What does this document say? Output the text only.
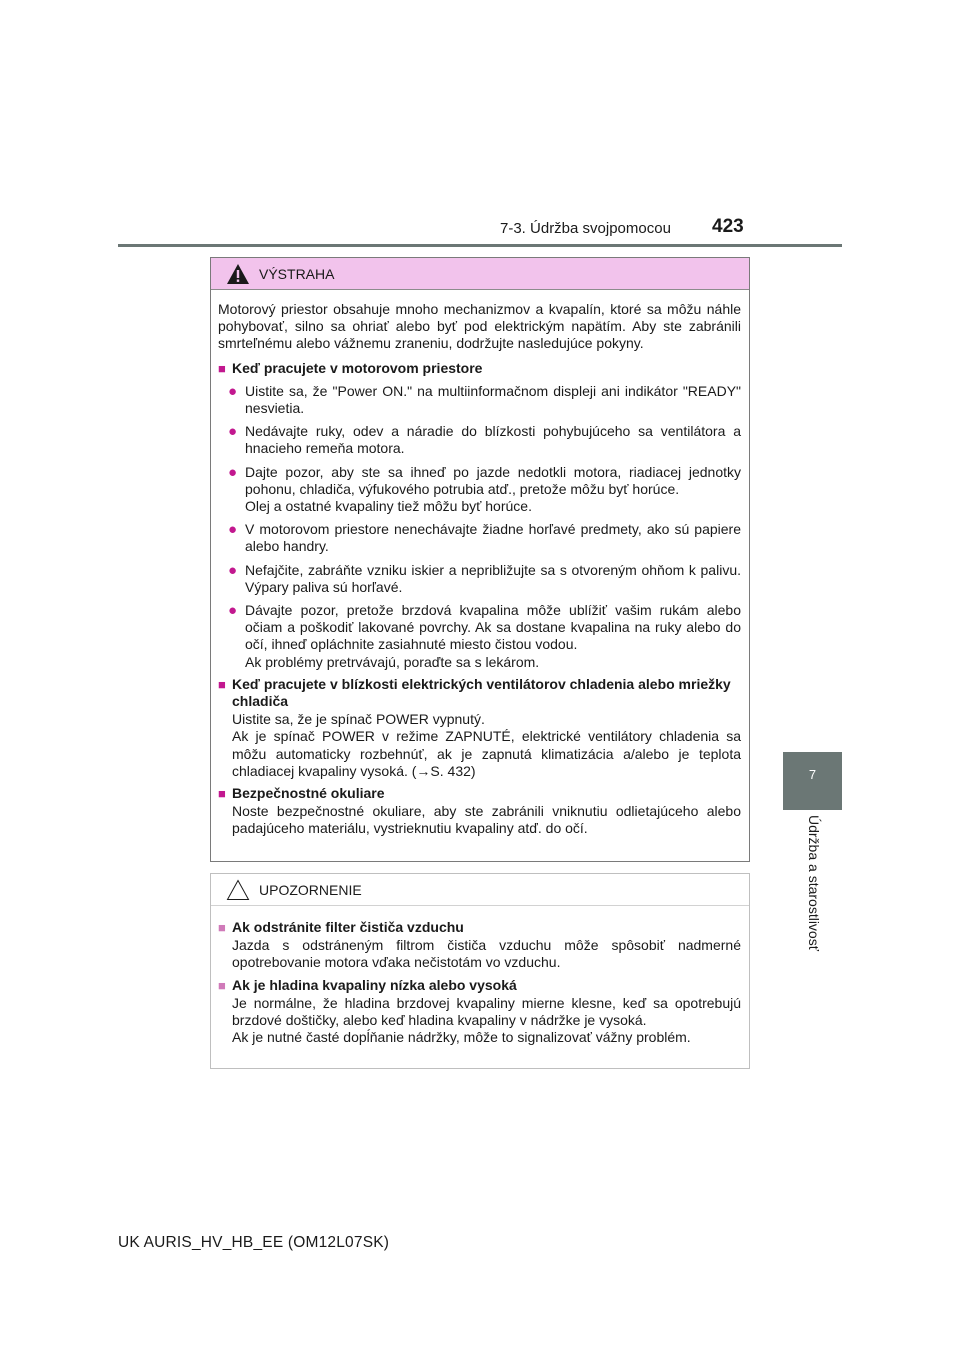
7-3. Údržba svojpomocou	423
7
Údržba a starostlivosť
VÝSTRAHA

Motorový priestor obsahuje mnoho mechanizmov a kvapalín, ktoré sa môžu náhle pohybovať, silno sa ohriať alebo byť pod elektrickým napätím. Aby ste zabránili smrteľnému alebo vážnemu zraneniu, dodržujte nasledujúce pokyny.

■ Keď pracujete v motorovom priestore
● Uistite sa, že "Power ON." na multiinformačnom displeji ani indikátor "READY" nesvietia.
● Nedávajte ruky, odev a náradie do blízkosti pohybujúceho sa ventilátora a hnacieho remeňa motora.
● Dajte pozor, aby ste sa ihneď po jazde nedotkli motora, riadiacej jednotky pohonu, chladiča, výfukového potrubia atď., pretože môžu byť horúce.
Olej a ostatné kvapaliny tiež môžu byť horúce.
● V motorovom priestore nenechávajte žiadne horľavé predmety, ako sú papiere alebo handry.
● Nefajčite, zabráňte vzniku iskier a nepribližujte sa s otvoreným ohňom k palivu. Výpary paliva sú horľavé.
● Dávajte pozor, pretože brzdová kvapalina môže ublížiť vašim rukám alebo očiam a poškodiť lakované povrchy. Ak sa dostane kvapalina na ruky alebo do očí, ihneď opláchnite zasiahnuté miesto čistou vodou.
Ak problémy pretrvávajú, poraďte sa s lekárom.
■ Keď pracujete v blízkosti elektrických ventilátorov chladenia alebo mriežky chladiča
Uistite sa, že je spínač POWER vypnutý.
Ak je spínač POWER v režime ZAPNUTÉ, elektrické ventilátory chladenia sa môžu automaticky rozbehnúť, ak je zapnutá klimatizácia a/alebo je teplota chladiacej kvapaliny vysoká. (→S. 432)
■ Bezpečnostné okuliare
Noste bezpečnostné okuliare, aby ste zabránili vniknutiu odlietajúceho alebo padajúceho materiálu, vystrieknutiu kvapaliny atď. do očí.
UPOZORNENIE
■ Ak odstránite filter čističa vzduchu
Jazda s odstráneným filtrom čističa vzduchu môže spôsobiť nadmerné opotrebovanie motora vďaka nečistotám vo vzduchu.
■ Ak je hladina kvapaliny nízka alebo vysoká
Je normálne, že hladina brzdovej kvapaliny mierne klesne, keď sa opotrebujú brzdové doštičky, alebo keď hladina kvapaliny v nádržke je vysoká.
Ak je nutné časté dopĺňanie nádržky, môže to signalizovať vážny problém.
UK AURIS_HV_HB_EE (OM12L07SK)
